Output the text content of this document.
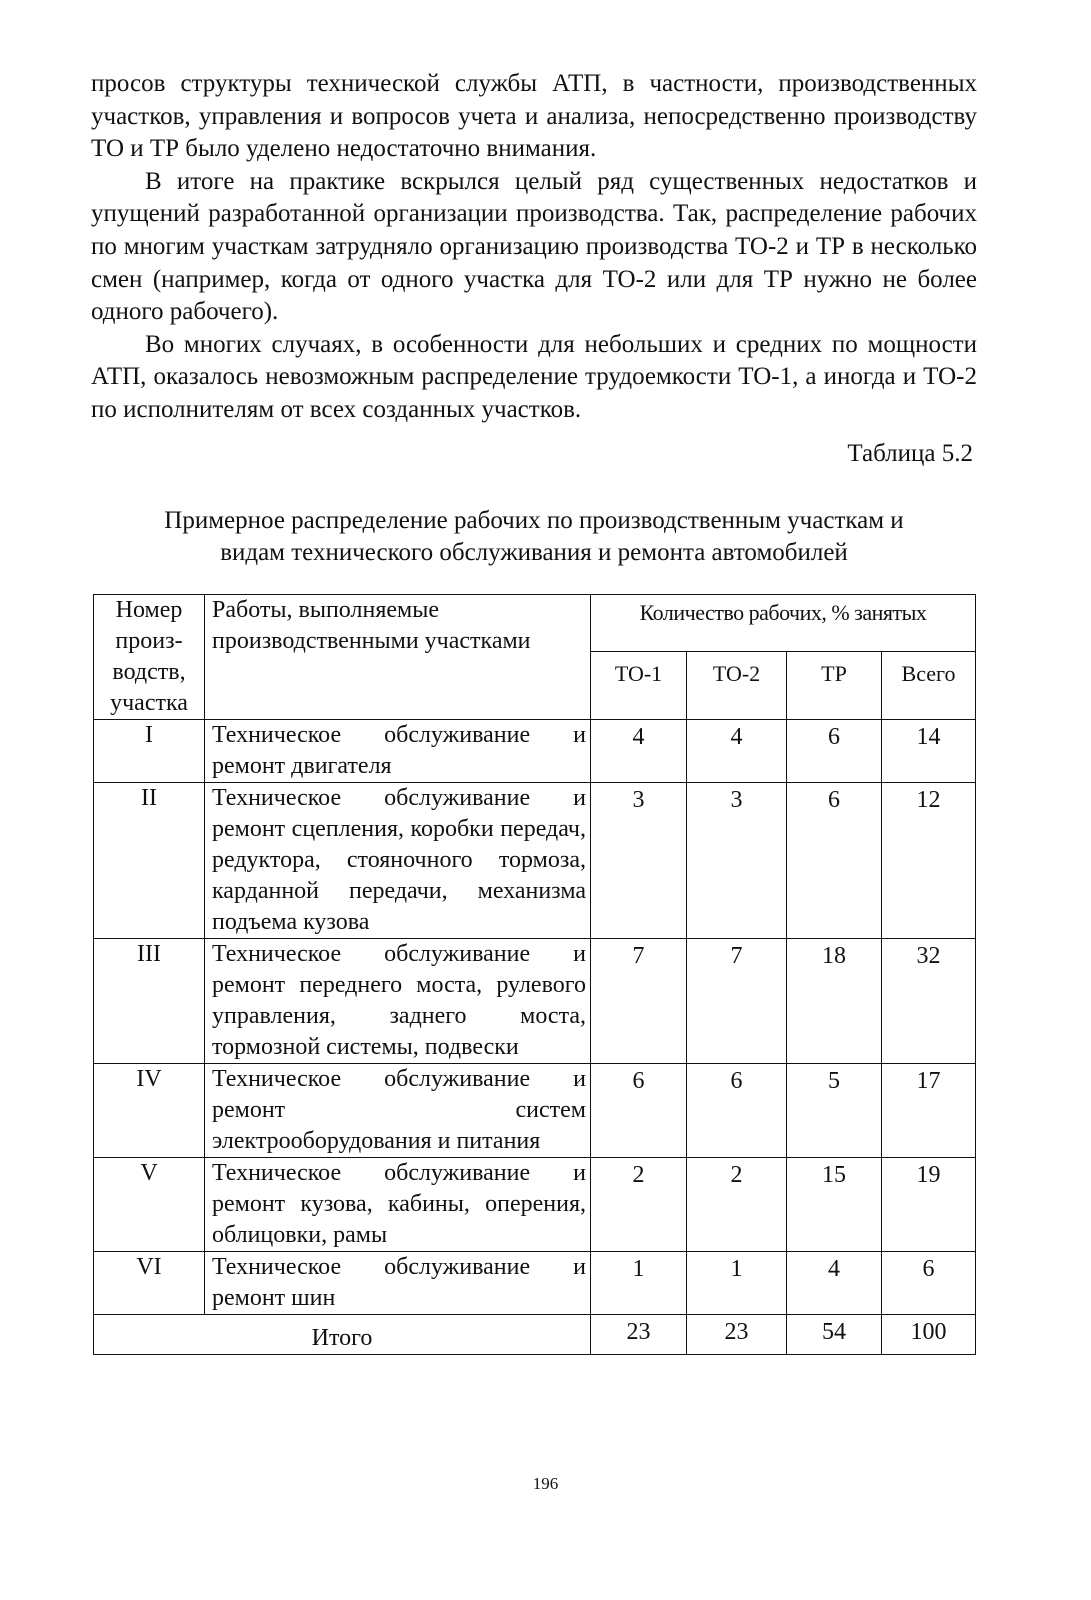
просов структуры технической службы АТП, в частности, производственных участков, управления и вопросов учета и анализа, непосредственно производству ТО и ТР было уделено недостаточно внимания.

В итоге на практике вскрылся целый ряд существенных недостатков и упущений разработанной организации производства. Так, распределение рабочих по многим участкам затрудняло организацию производства ТО-2 и ТР в несколько смен (например, когда от одного участка для ТО-2 или для ТР нужно не более одного рабочего).

Во многих случаях, в особенности для небольших и средних по мощности АТП, оказалось невозможным распределение трудоемкости ТО-1, а иногда и ТО-2 по исполнителям от всех созданных участков.

Таблица 5.2
Примерное распределение рабочих по производственным участкам и
видам технического обслуживания и ремонта автомобилей
Номер произ-водств, участка	Работы, выполняемые производственными участками	Количество рабочих, % занятых			
		ТО-1	ТО-2	ТР	Всего
I	Техническое обслуживание и ремонт двигателя	4	4	6	14
II	Техническое обслуживание и ремонт сцепления, коробки передач, редуктора, стояночного тормоза, карданной передачи, механизма подъема кузова	3	3	6	12
III	Техническое обслуживание и ремонт переднего моста, рулевого управления, заднего моста, тормозной системы, подвески	7	7	18	32
IV	Техническое обслуживание и ремонт систем электрооборудования и питания	6	6	5	17
V	Техническое обслуживание и ремонт кузова, кабины, оперения, облицовки, рамы	2	2	15	19
VI	Техническое обслуживание и ремонт шин	1	1	4	6
Итого		23	23	54	100
196
